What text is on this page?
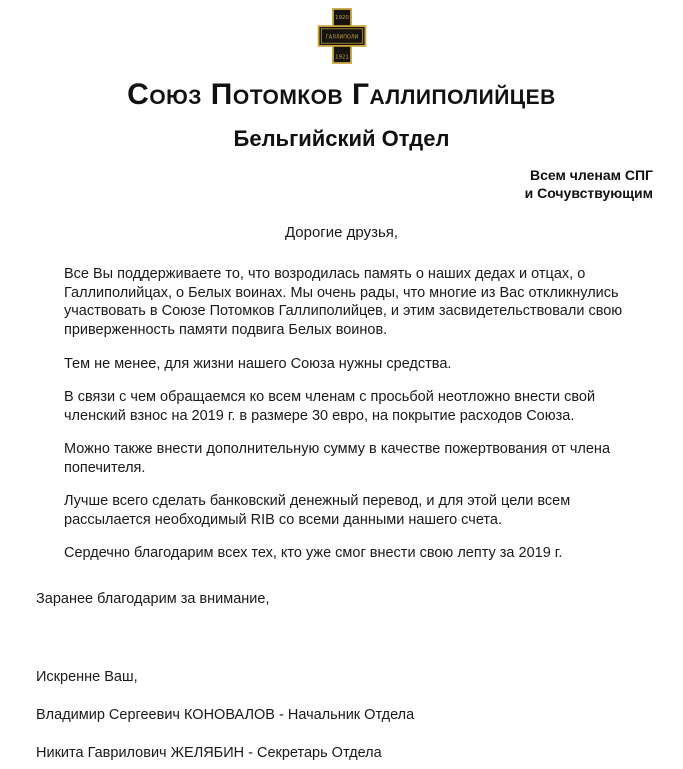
1920
ГАЛЛИПОЛИ
1921
Союз Потомков Галлиполийцев
Бельгийский Отдел
Всем членам СПГ
и Сочувствующим
Дорогие друзья,

Все Вы поддерживаете то, что возродилась память о наших дедах и отцах, о Галлиполийцах, о Белых воинах. Мы очень рады, что многие из Вас откликнулись участвовать в Союзе Потомков Галлиполийцев, и этим засвидетельствовали свою приверженность памяти подвига Белых воинов.

Тем не менее, для жизни нашего Союза нужны средства.

В связи с чем обращаемся ко всем членам с просьбой неотложно внести свой членский взнос на 2019 г. в размере 30 евро, на покрытие расходов Союза.

Можно также внести дополнительную сумму в качестве пожертвования от члена попечителя.

Лучше всего сделать банковский денежный перевод, и для этой цели всем рассылается необходимый RIB со всеми данными нашего счета.

Сердечно благодарим всех тех, кто уже смог внести свою лепту за 2019 г.

Заранее благодарим за внимание,
Искренне Ваш,
Владимир Сергеевич КОНОВАЛОВ - Начальник Отдела
Никита Гаврилович ЖЕЛЯБИН - Секретарь Отдела
